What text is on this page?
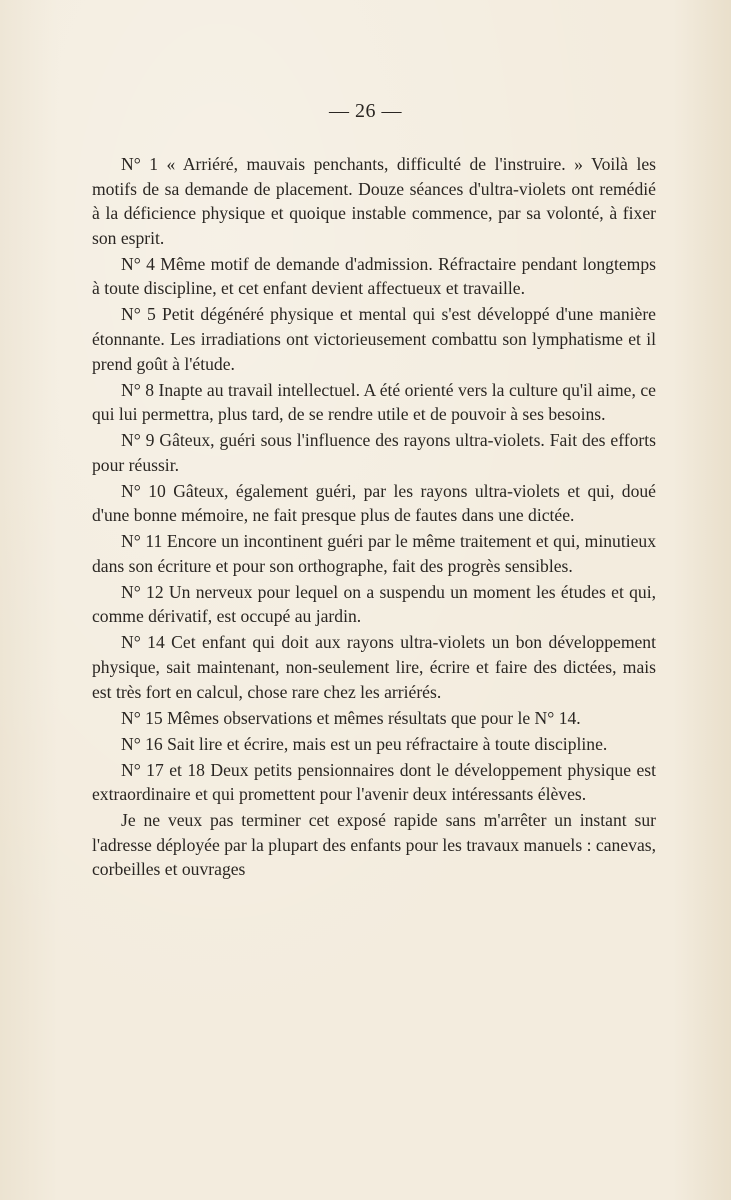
— 26 —

N° 1 « Arriéré, mauvais penchants, difficulté de l'instruire. » Voilà les motifs de sa demande de placement. Douze séances d'ultra-violets ont remédié à la déficience physique et quoique instable commence, par sa volonté, à fixer son esprit.

N° 4 Même motif de demande d'admission. Réfractaire pendant longtemps à toute discipline, et cet enfant devient affectueux et travaille.

N° 5 Petit dégénéré physique et mental qui s'est développé d'une manière étonnante. Les irradiations ont victorieusement combattu son lymphatisme et il prend goût à l'étude.

N° 8 Inapte au travail intellectuel. A été orienté vers la culture qu'il aime, ce qui lui permettra, plus tard, de se rendre utile et de pouvoir à ses besoins.

N° 9 Gâteux, guéri sous l'influence des rayons ultra-violets. Fait des efforts pour réussir.

N° 10 Gâteux, également guéri, par les rayons ultra-violets et qui, doué d'une bonne mémoire, ne fait presque plus de fautes dans une dictée.

N° 11 Encore un incontinent guéri par le même traitement et qui, minutieux dans son écriture et pour son orthographe, fait des progrès sensibles.

N° 12 Un nerveux pour lequel on a suspendu un moment les études et qui, comme dérivatif, est occupé au jardin.

N° 14 Cet enfant qui doit aux rayons ultra-violets un bon développement physique, sait maintenant, non-seulement lire, écrire et faire des dictées, mais est très fort en calcul, chose rare chez les arriérés.

N° 15 Mêmes observations et mêmes résultats que pour le N° 14.

N° 16 Sait lire et écrire, mais est un peu réfractaire à toute discipline.

N° 17 et 18 Deux petits pensionnaires dont le développement physique est extraordinaire et qui promettent pour l'avenir deux intéressants élèves.

Je ne veux pas terminer cet exposé rapide sans m'arrêter un instant sur l'adresse déployée par la plupart des enfants pour les travaux manuels : canevas, corbeilles et ouvrages
